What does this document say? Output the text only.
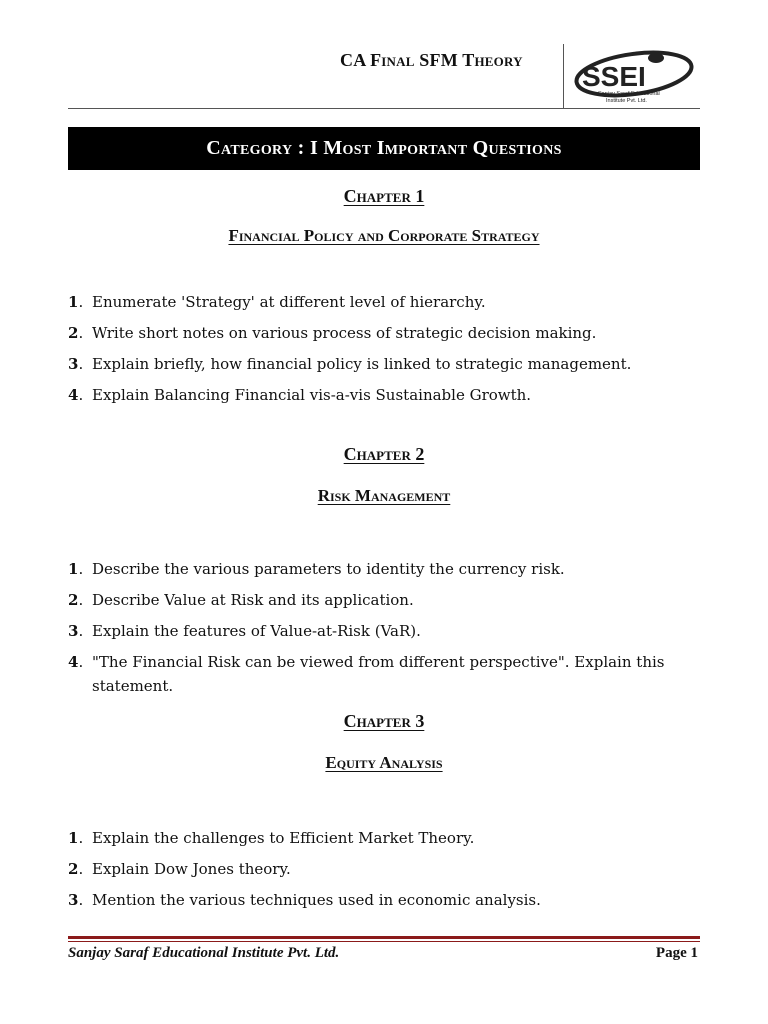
CA Final SFM Theory
SSEI
Sanjay Saraf Educational
Institute Pvt. Ltd.
Category : I Most Important Questions
Chapter 1
Financial Policy and Corporate Strategy
1. Enumerate 'Strategy' at different level of hierarchy.
2. Write short notes on various process of strategic decision making.
3. Explain briefly, how financial policy is linked to strategic management.
4. Explain Balancing Financial vis-a-vis Sustainable Growth.
Chapter 2
Risk Management
1. Describe the various parameters to identity the currency risk.
2. Describe Value at Risk and its application.
3. Explain the features of Value-at-Risk (VaR).
4. "The Financial Risk can be viewed from different perspective". Explain this statement.
Chapter 3
Equity Analysis
1. Explain the challenges to Efficient Market Theory.
2. Explain Dow Jones theory.
3. Mention the various techniques used in economic analysis.
Sanjay Saraf Educational Institute Pvt. Ltd.	Page 1
